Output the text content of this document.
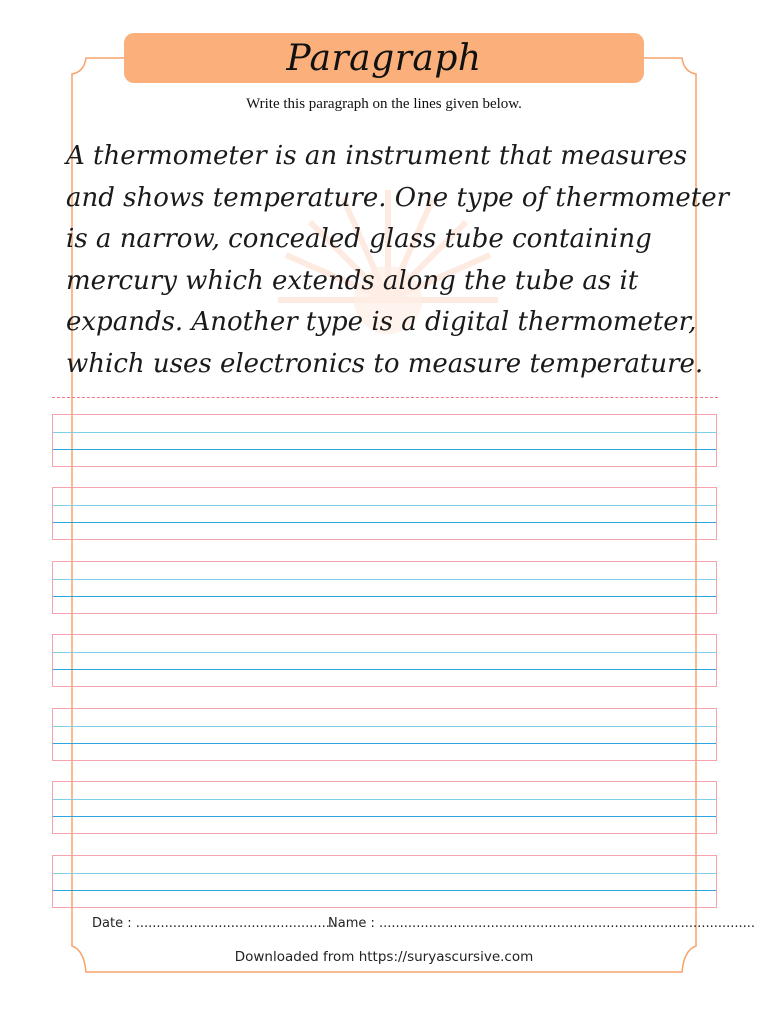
Paragraph
Write this paragraph on the lines given below.
A thermometer is an instrument that measures
and shows temperature. One type of thermometer
is a narrow, concealed glass tube containing
mercury which extends along the tube as it
expands. Another type is a digital thermometer,
which uses electronics to measure temperature.
Date : ................................................
Name : ...........................................................................................
Downloaded from https://suryascursive.com
